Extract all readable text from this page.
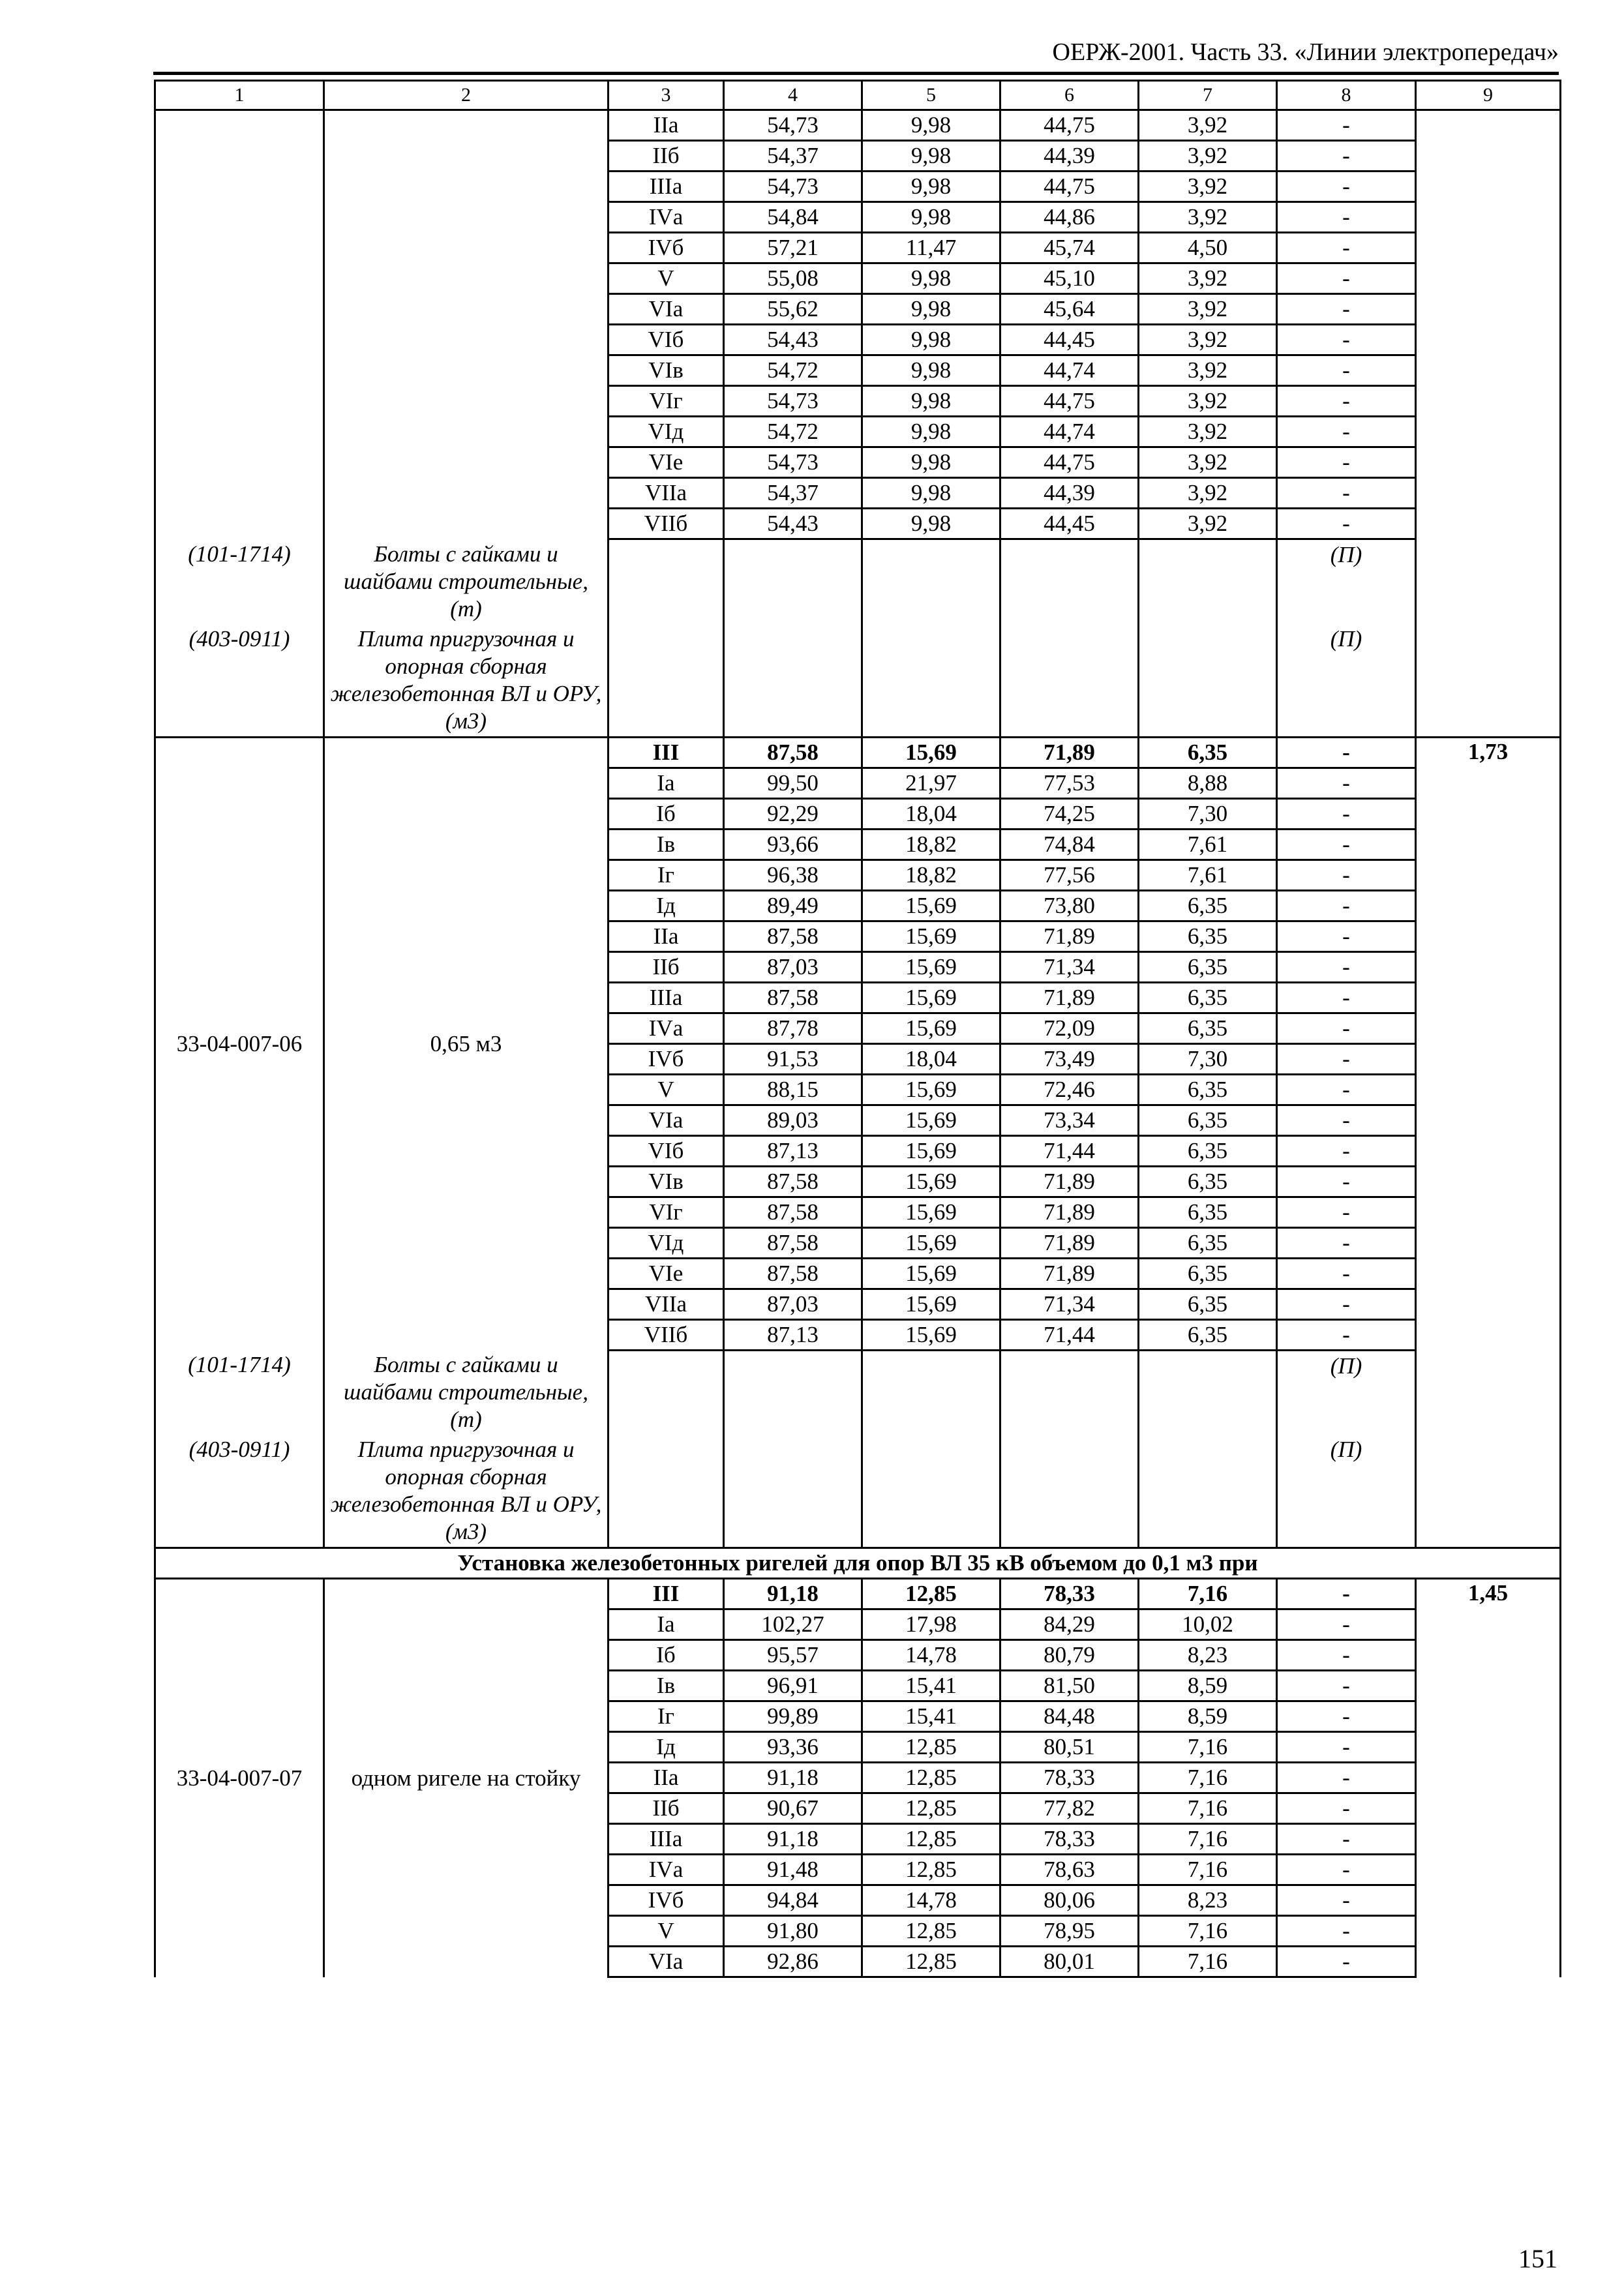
ОЕРЖ-2001. Часть 33. «Линии электропередач»
1	2	3	4	5	6	7	8	9
		IIа	54,73	9,98	44,75	3,92	-	
		IIб	54,37	9,98	44,39	3,92	-	
		IIIа	54,73	9,98	44,75	3,92	-	
		IVа	54,84	9,98	44,86	3,92	-	
		IVб	57,21	11,47	45,74	4,50	-	
		V	55,08	9,98	45,10	3,92	-	
		VIа	55,62	9,98	45,64	3,92	-	
		VIб	54,43	9,98	44,45	3,92	-	
		VIв	54,72	9,98	44,74	3,92	-	
		VIг	54,73	9,98	44,75	3,92	-	
		VIд	54,72	9,98	44,74	3,92	-	
		VIе	54,73	9,98	44,75	3,92	-	
		VIIа	54,37	9,98	44,39	3,92	-	
		VIIб	54,43	9,98	44,45	3,92	-	
(101-1714)	Болты с гайками и шайбами строительные, (т)						(П)	
(403-0911)	Плита пригрузочная и опорная сборная железобетонная ВЛ и ОРУ, (м3)						(П)	
33-04-007-06	0,65 м3	III	87,58	15,69	71,89	6,35	-	1,73
		Iа	99,50	21,97	77,53	8,88	-	
		Iб	92,29	18,04	74,25	7,30	-	
		Iв	93,66	18,82	74,84	7,61	-	
		Iг	96,38	18,82	77,56	7,61	-	
		Iд	89,49	15,69	73,80	6,35	-	
		IIа	87,58	15,69	71,89	6,35	-	
		IIб	87,03	15,69	71,34	6,35	-	
		IIIа	87,58	15,69	71,89	6,35	-	
		IVа	87,78	15,69	72,09	6,35	-	
		IVб	91,53	18,04	73,49	7,30	-	
		V	88,15	15,69	72,46	6,35	-	
		VIа	89,03	15,69	73,34	6,35	-	
		VIб	87,13	15,69	71,44	6,35	-	
		VIв	87,58	15,69	71,89	6,35	-	
		VIг	87,58	15,69	71,89	6,35	-	
		VIд	87,58	15,69	71,89	6,35	-	
		VIе	87,58	15,69	71,89	6,35	-	
		VIIа	87,03	15,69	71,34	6,35	-	
		VIIб	87,13	15,69	71,44	6,35	-	
(101-1714)	Болты с гайками и шайбами строительные, (т)						(П)	
(403-0911)	Плита пригрузочная и опорная сборная железобетонная ВЛ и ОРУ, (м3)						(П)	
Установка железобетонных ригелей для опор ВЛ 35 кВ объемом до 0,1 м3 при								
33-04-007-07	одном ригеле на стойку	III	91,18	12,85	78,33	7,16	-	1,45
		Iа	102,27	17,98	84,29	10,02	-	
		Iб	95,57	14,78	80,79	8,23	-	
		Iв	96,91	15,41	81,50	8,59	-	
		Iг	99,89	15,41	84,48	8,59	-	
		Iд	93,36	12,85	80,51	7,16	-	
		IIа	91,18	12,85	78,33	7,16	-	
		IIб	90,67	12,85	77,82	7,16	-	
		IIIа	91,18	12,85	78,33	7,16	-	
		IVа	91,48	12,85	78,63	7,16	-	
		IVб	94,84	14,78	80,06	8,23	-	
		V	91,80	12,85	78,95	7,16	-	
		VIа	92,86	12,85	80,01	7,16	-	
151
